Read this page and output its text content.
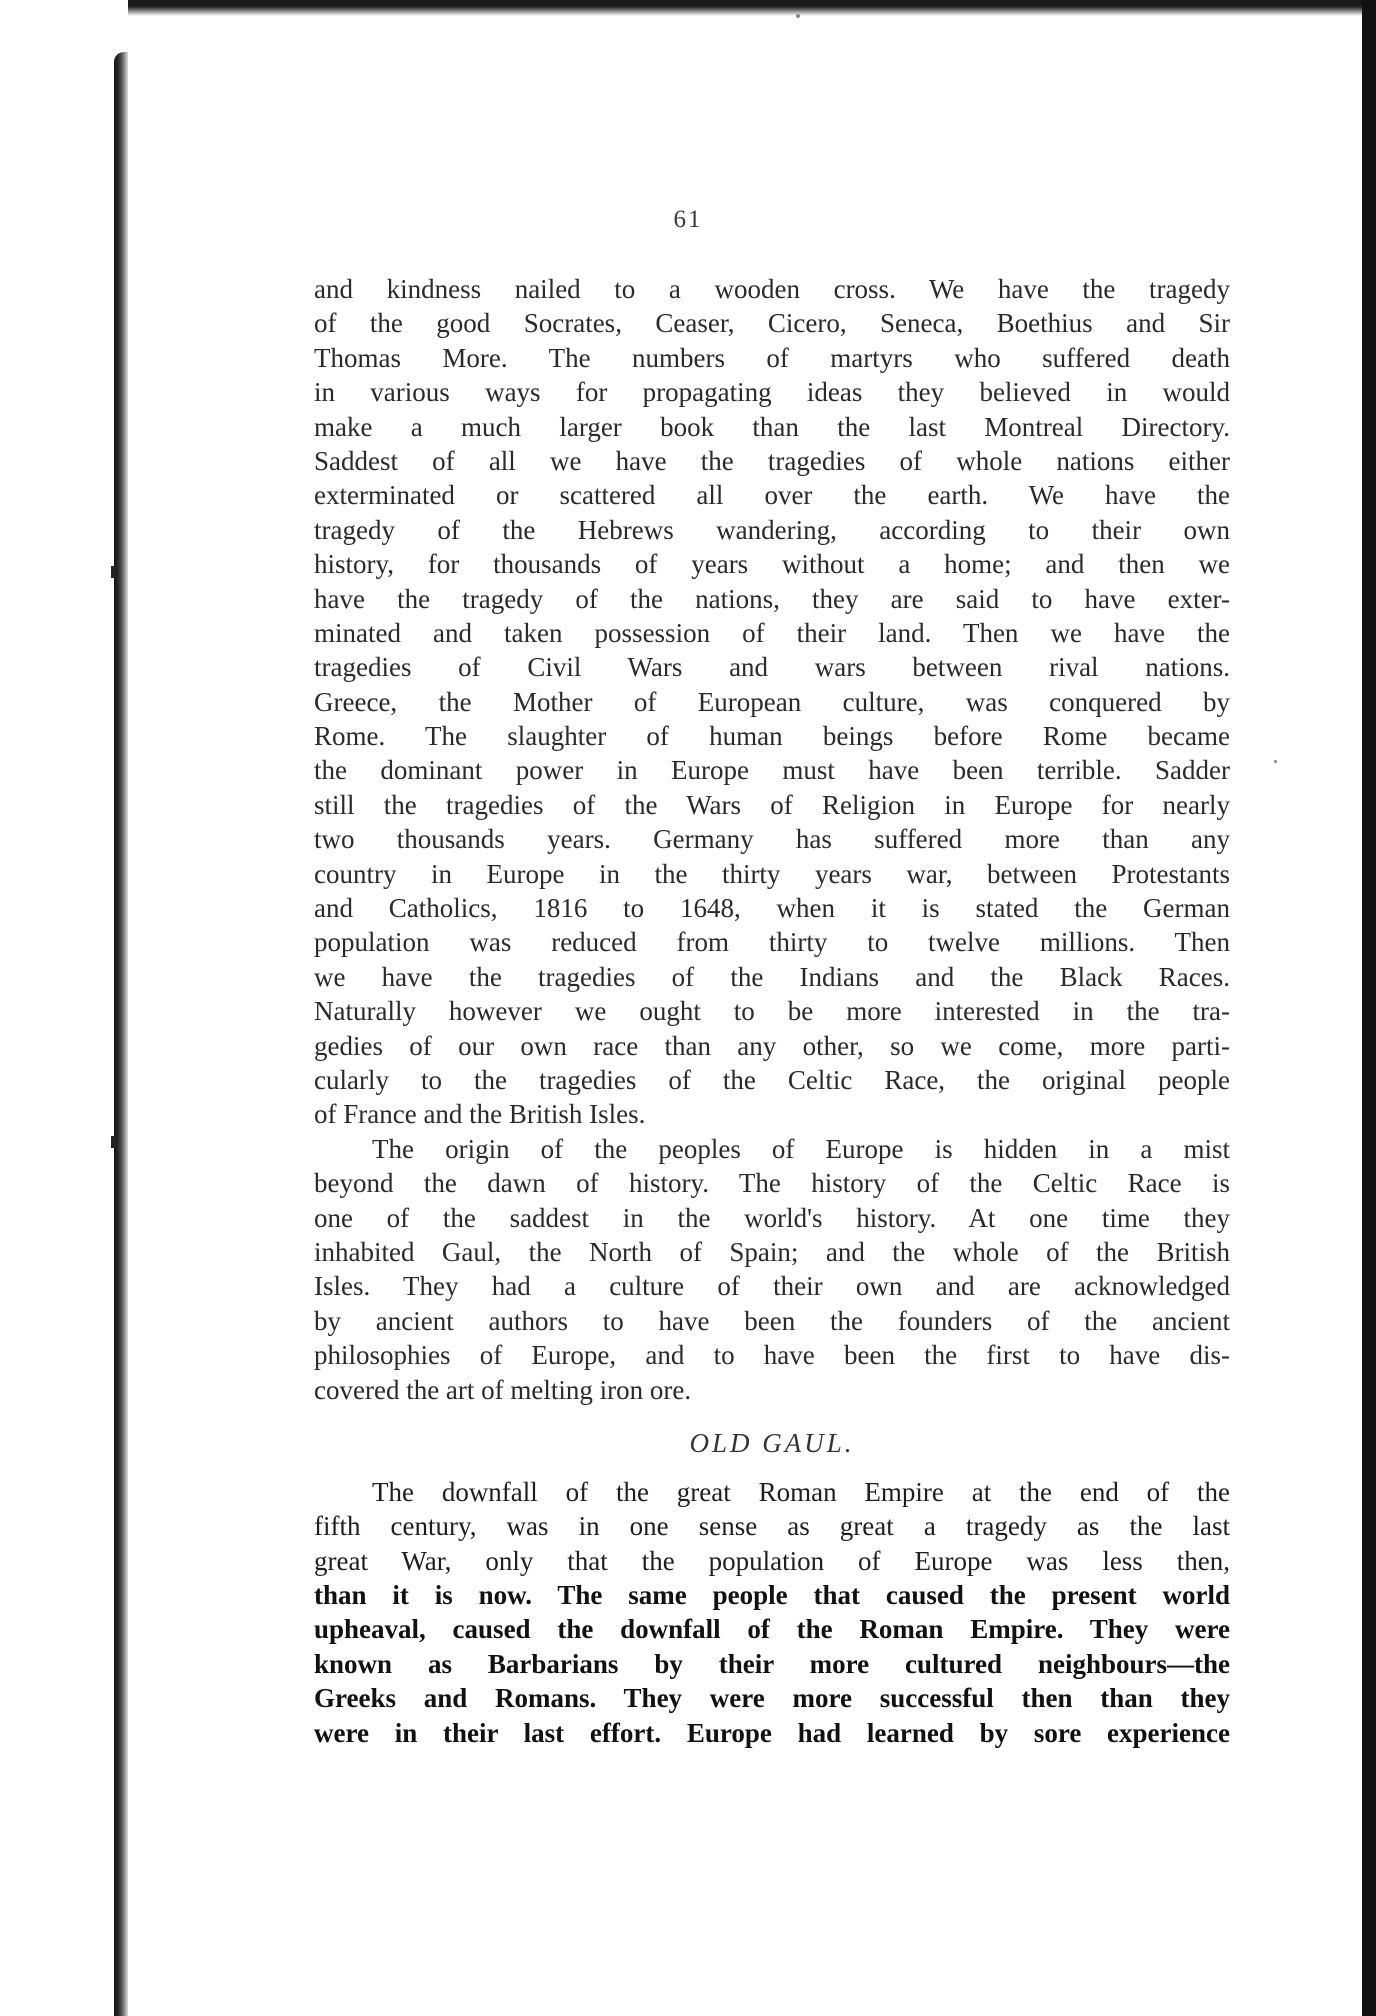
61
and kindness nailed to a wooden cross. We have the tragedy
of the good Socrates, Ceaser, Cicero, Seneca, Boethius and Sir
Thomas More. The numbers of martyrs who suffered death
in various ways for propagating ideas they believed in would
make a much larger book than the last Montreal Directory.
Saddest of all we have the tragedies of whole nations either
exterminated or scattered all over the earth. We have the
tragedy of the Hebrews wandering, according to their own
history, for thousands of years without a home; and then we
have the tragedy of the nations, they are said to have exter-
minated and taken possession of their land. Then we have the
tragedies of Civil Wars and wars between rival nations.
Greece, the Mother of European culture, was conquered by
Rome. The slaughter of human beings before Rome became
the dominant power in Europe must have been terrible. Sadder
still the tragedies of the Wars of Religion in Europe for nearly
two thousands years. Germany has suffered more than any
country in Europe in the thirty years war, between Protestants
and Catholics, 1816 to 1648, when it is stated the German
population was reduced from thirty to twelve millions. Then
we have the tragedies of the Indians and the Black Races.
Naturally however we ought to be more interested in the tra-
gedies of our own race than any other, so we come, more parti-
cularly to the tragedies of the Celtic Race, the original people
of France and the British Isles.
The origin of the peoples of Europe is hidden in a mist
beyond the dawn of history. The history of the Celtic Race is
one of the saddest in the world's history. At one time they
inhabited Gaul, the North of Spain; and the whole of the British
Isles. They had a culture of their own and are acknowledged
by ancient authors to have been the founders of the ancient
philosophies of Europe, and to have been the first to have dis-
covered the art of melting iron ore.
OLD GAUL.
The downfall of the great Roman Empire at the end of the
fifth century, was in one sense as great a tragedy as the last
great War, only that the population of Europe was less then,
than it is now. The same people that caused the present world
upheaval, caused the downfall of the Roman Empire. They were
known as Barbarians by their more cultured neighbours—the
Greeks and Romans. They were more successful then than they
were in their last effort. Europe had learned by sore experience
